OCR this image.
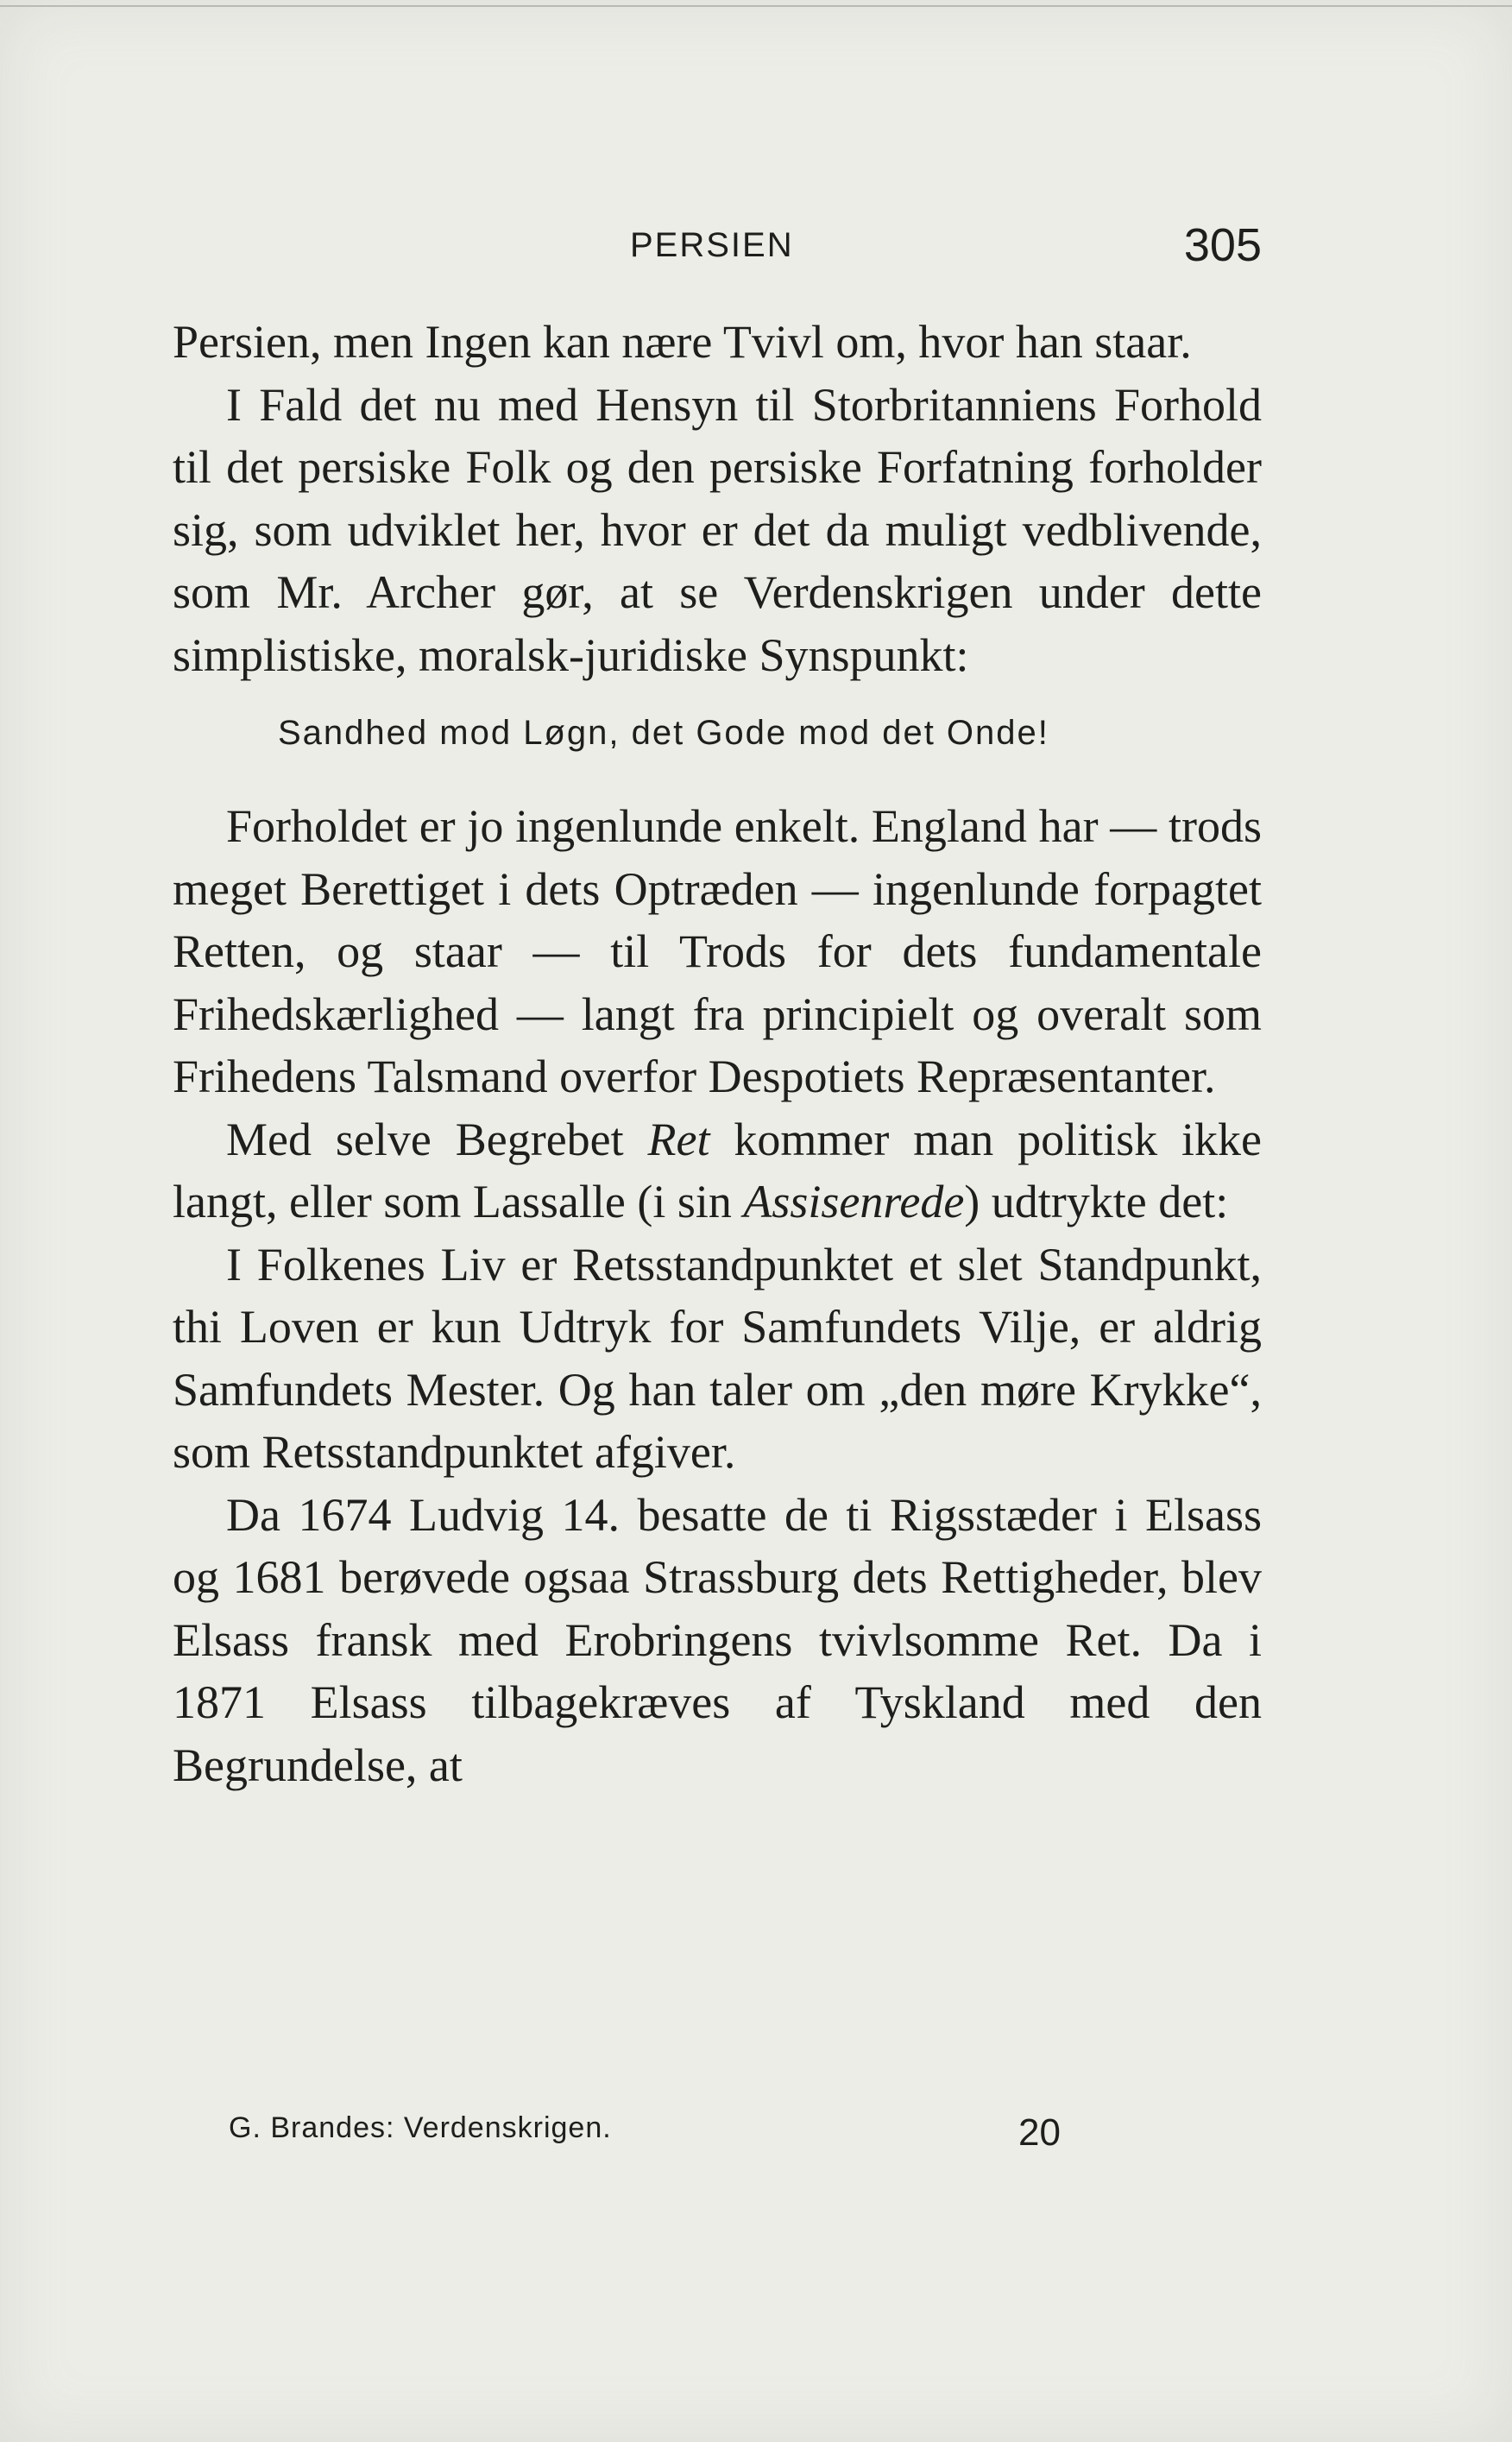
PERSIEN	305

Persien, men Ingen kan nære Tvivl om, hvor han staar.

I Fald det nu med Hensyn til Storbritanniens Forhold til det persiske Folk og den persiske Forfatning forholder sig, som udviklet her, hvor er det da muligt vedblivende, som Mr. Archer gør, at se Verdenskrigen under dette simplistiske, moralsk-juridiske Synspunkt:

Sandhed mod Løgn, det Gode mod det Onde!

Forholdet er jo ingenlunde enkelt. England har — trods meget Berettiget i dets Optræden — ingenlunde forpagtet Retten, og staar — til Trods for dets fundamentale Frihedskærlighed — langt fra principielt og overalt som Frihedens Talsmand overfor Despotiets Repræsentanter.

Med selve Begrebet Ret kommer man politisk ikke langt, eller som Lassalle (i sin Assisenrede) udtrykte det:

I Folkenes Liv er Retsstandpunktet et slet Standpunkt, thi Loven er kun Udtryk for Samfundets Vilje, er aldrig Samfundets Mester. Og han taler om „den møre Krykke“, som Retsstandpunktet afgiver.

Da 1674 Ludvig 14. besatte de ti Rigsstæder i Elsass og 1681 berøvede ogsaa Strassburg dets Rettigheder, blev Elsass fransk med Erobringens tvivlsomme Ret. Da i 1871 Elsass tilbagekræves af Tyskland med den Begrundelse, at

G. Brandes: Verdenskrigen.	20
